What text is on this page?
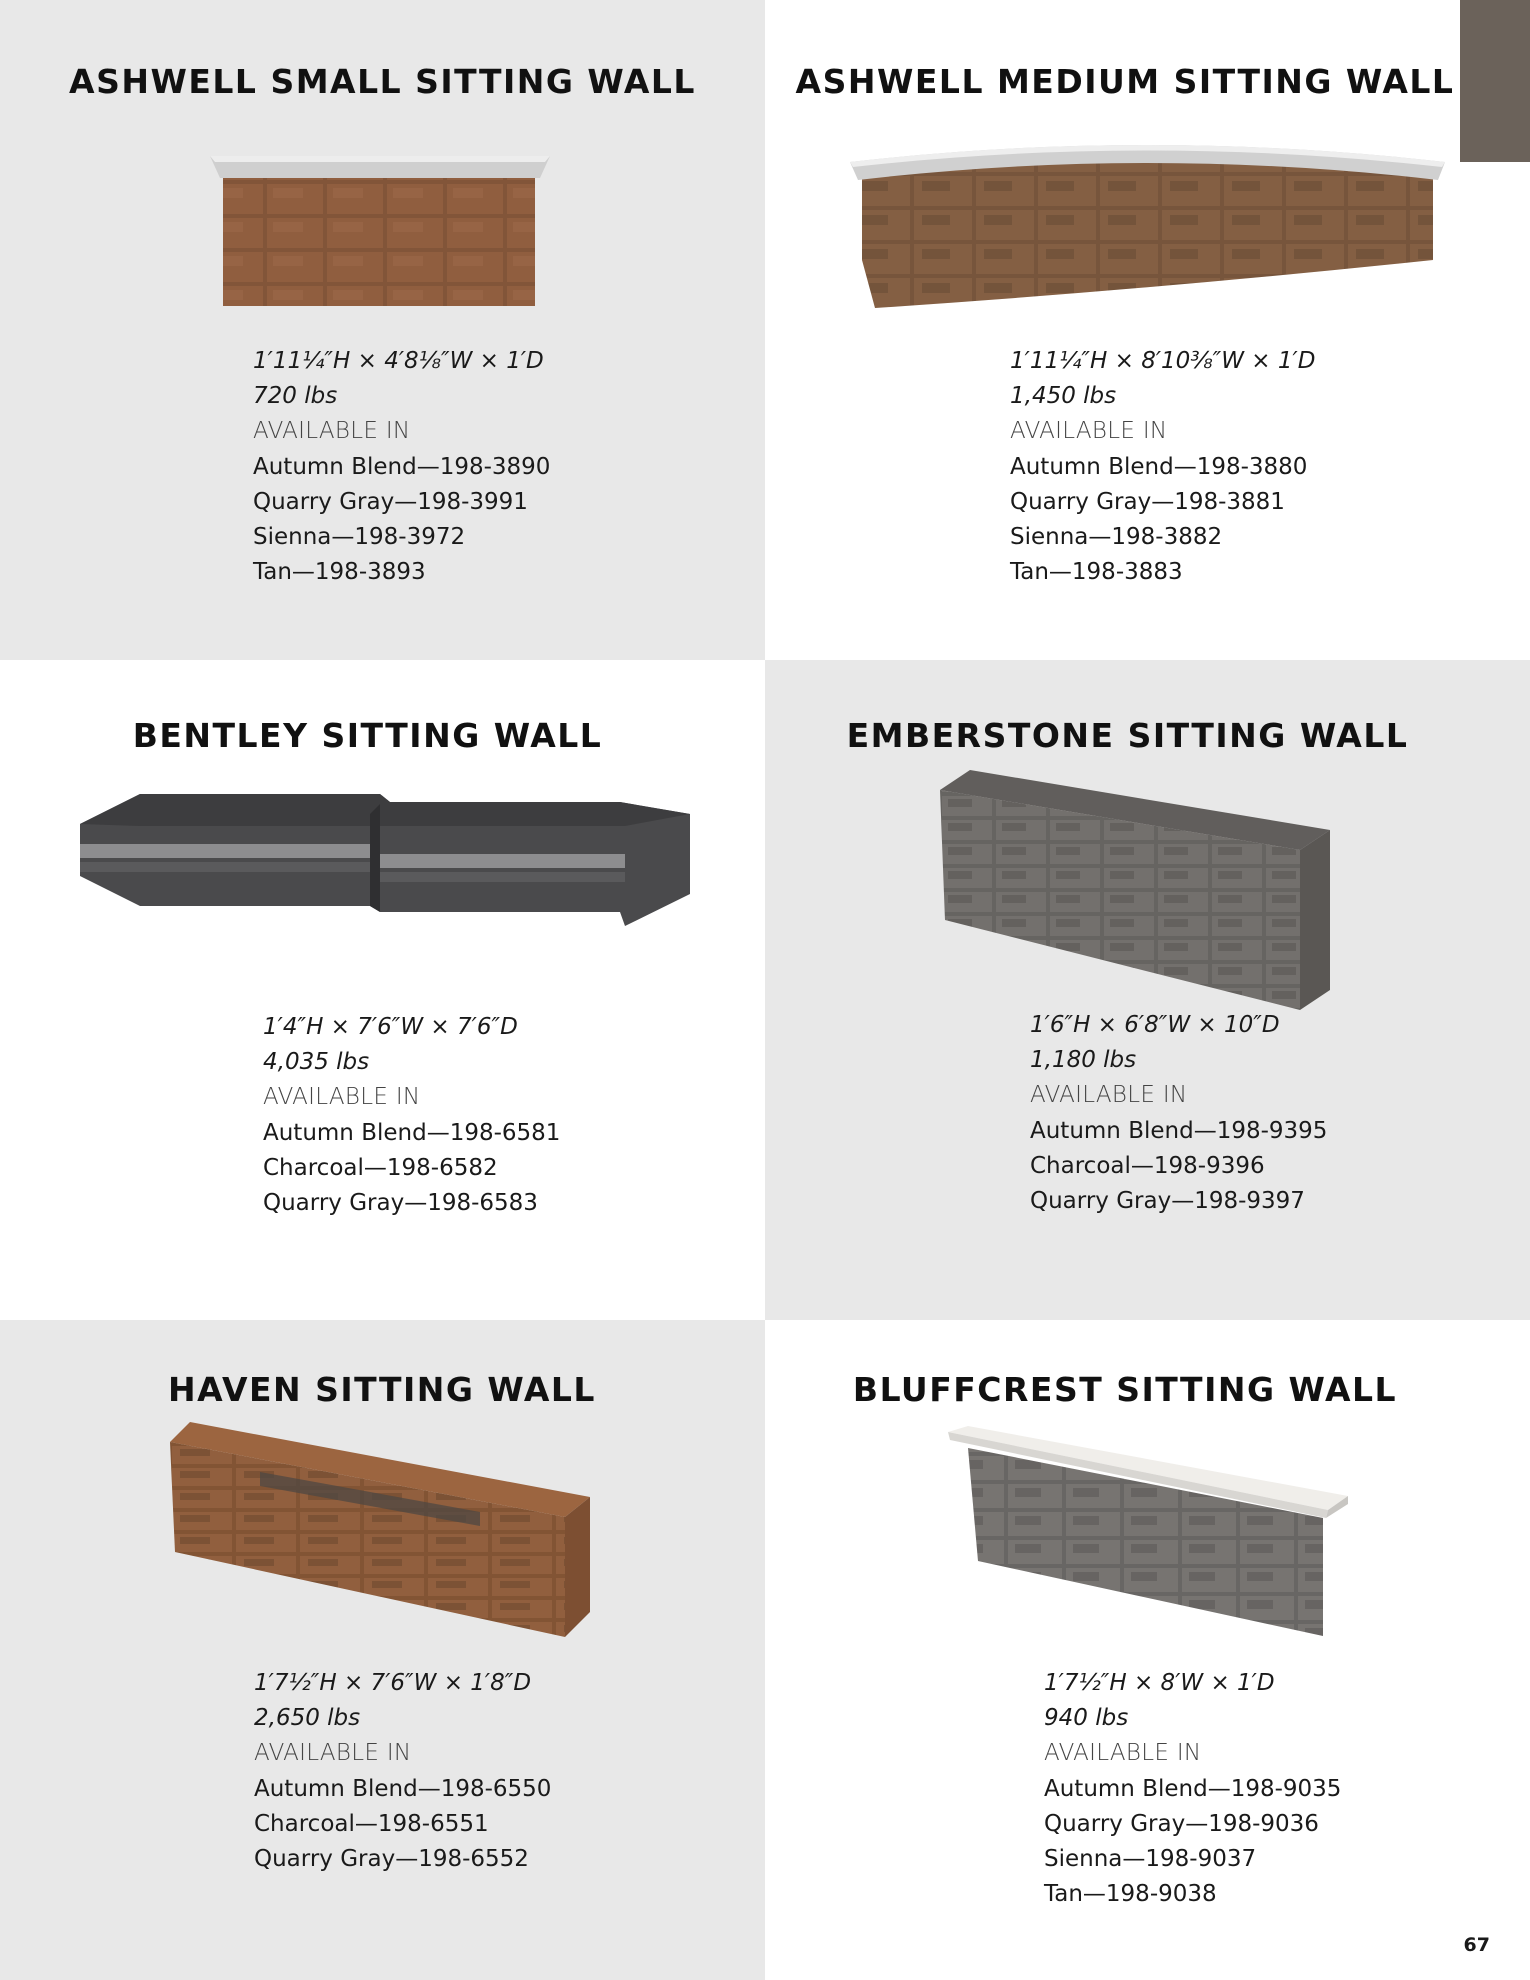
ASHWELL SMALL SITTING WALL
1′11¼″H × 4′8⅛″W × 1′D
720 lbs
AVAILABLE IN
Autumn Blend—198-3890
Quarry Gray—198-3991
Sienna—198-3972
Tan—198-3893
ASHWELL MEDIUM SITTING WALL
1′11¼″H × 8′10⅜″W × 1′D
1,450 lbs
AVAILABLE IN
Autumn Blend—198-3880
Quarry Gray—198-3881
Sienna—198-3882
Tan—198-3883
BENTLEY SITTING WALL
1′4″H × 7′6″W × 7′6″D
4,035 lbs
AVAILABLE IN
Autumn Blend—198-6581
Charcoal—198-6582
Quarry Gray—198-6583
EMBERSTONE SITTING WALL
1′6″H × 6′8″W × 10″D
1,180 lbs
AVAILABLE IN
Autumn Blend—198-9395
Charcoal—198-9396
Quarry Gray—198-9397
HAVEN SITTING WALL
1′7½″H × 7′6″W × 1′8″D
2,650 lbs
AVAILABLE IN
Autumn Blend—198-6550
Charcoal—198-6551
Quarry Gray—198-6552
BLUFFCREST SITTING WALL
1′7½″H × 8′W × 1′D
940 lbs
AVAILABLE IN
Autumn Blend—198-9035
Quarry Gray—198-9036
Sienna—198-9037
Tan—198-9038
67
